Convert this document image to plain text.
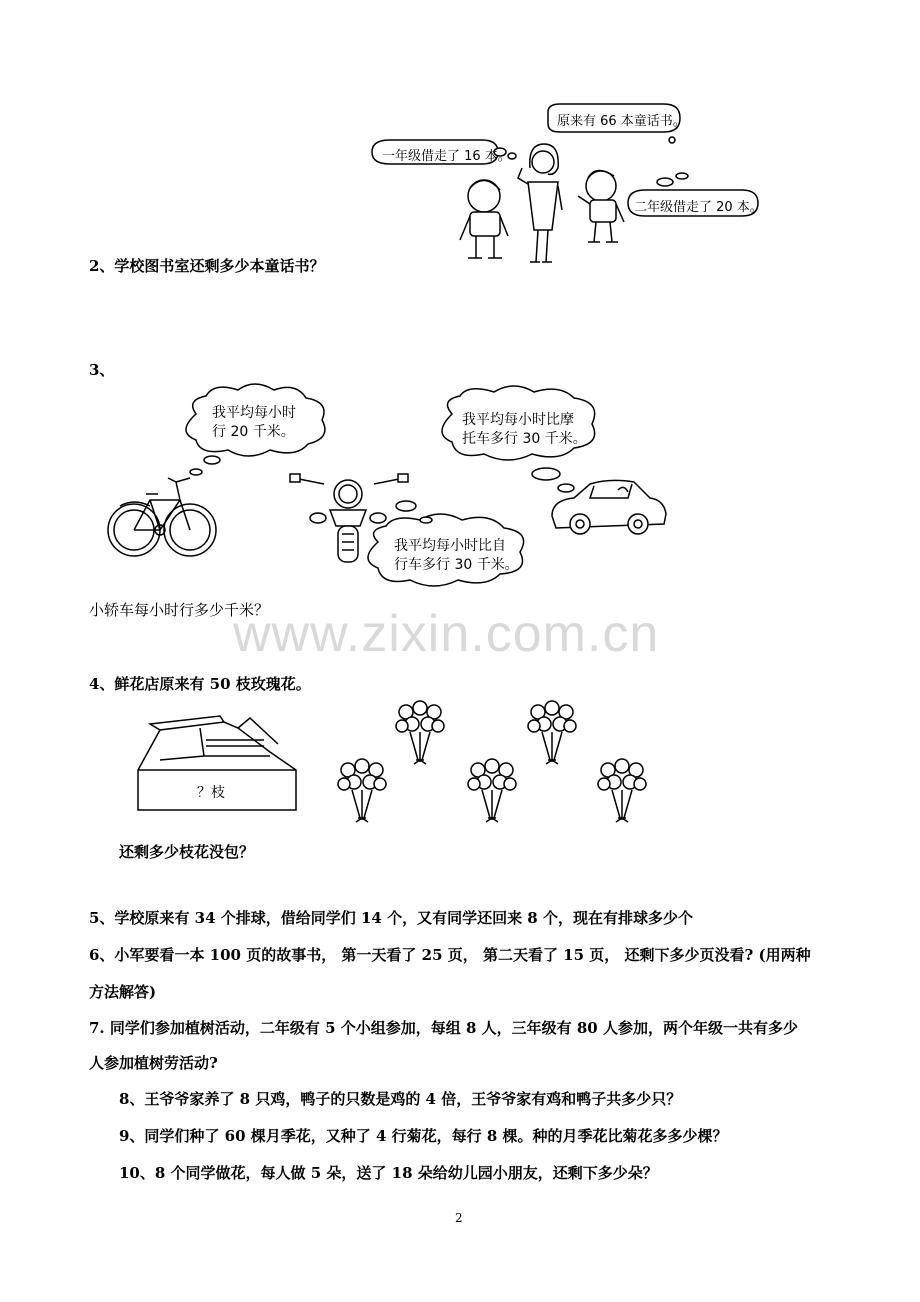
原来有 66 本童话书。
一年级借走了 16 本。
二年级借走了 20 本。
2、学校图书室还剩多少本童话书？
3、
我平均每小时
行 20 千米。
我平均每小时比摩
托车多行 30 千米。
我平均每小时比自
行车多行 30 千米。
小轿车每小时行多少千米？
www.zixin.com.cn
4、鲜花店原来有 50 枝玫瑰花。
？枝
还剩多少枝花没包？
5、学校原来有 34 个排球，借给同学们 14 个，又有同学还回来 8 个，现在有排球多少个
6、小军要看一本 100 页的故事书， 第一天看了 25 页， 第二天看了 15 页， 还剩下多少页没看? (用两种
方法解答)
7. 同学们参加植树活动，二年级有 5 个小组参加，每组 8 人，三年级有 80 人参加，两个年级一共有多少
人参加植树劳活动?
8、王爷爷家养了 8 只鸡，鸭子的只数是鸡的 4 倍，王爷爷家有鸡和鸭子共多少只？
9、同学们种了 60 棵月季花，又种了 4 行菊花，每行 8 棵。种的月季花比菊花多多少棵？
10、8 个同学做花，每人做 5 朵，送了 18 朵给幼儿园小朋友，还剩下多少朵？
2
